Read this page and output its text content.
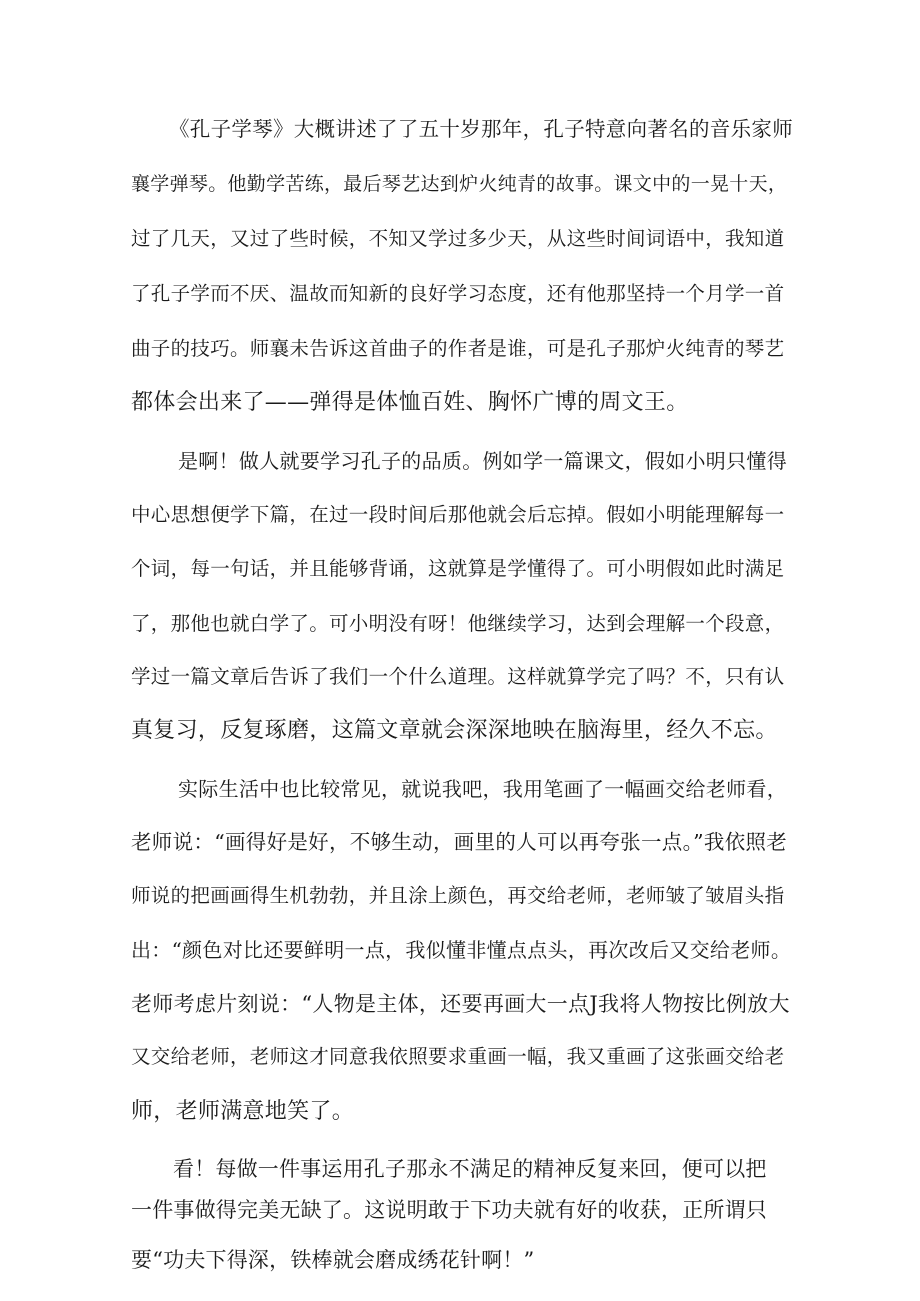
《孔子学琴》大概讲述了了五十岁那年，孔子特意向著名的音乐家师

襄学弹琴。他勤学苦练，最后琴艺达到炉火纯青的故事。课文中的一晃十天，

过了几天，又过了些时候，不知又学过多少天，从这些时间词语中，我知道

了孔子学而不厌、温故而知新的良好学习态度，还有他那坚持一个月学一首

曲子的技巧。师襄未告诉这首曲子的作者是谁，可是孔子那炉火纯青的琴艺

都体会出来了——弹得是体恤百姓、胸怀广博的周文王。

是啊！做人就要学习孔子的品质。例如学一篇课文，假如小明只懂得

中心思想便学下篇，在过一段时间后那他就会后忘掉。假如小明能理解每一

个词，每一句话，并且能够背诵，这就算是学懂得了。可小明假如此时满足

了，那他也就白学了。可小明没有呀！他继续学习，达到会理解一个段意，

学过一篇文章后告诉了我们一个什么道理。这样就算学完了吗？不，只有认

真复习，反复琢磨，这篇文章就会深深地映在脑海里，经久不忘。

实际生活中也比较常见，就说我吧，我用笔画了一幅画交给老师看，

老师说：“画得好是好，不够生动，画里的人可以再夸张一点。”我依照老

师说的把画画得生机勃勃，并且涂上颜色，再交给老师，老师皱了皱眉头指

出：“颜色对比还要鲜明一点，我似懂非懂点点头，再次改后又交给老师。

老师考虑片刻说：“人物是主体，还要再画大一点J我将人物按比例放大

又交给老师，老师这才同意我依照要求重画一幅，我又重画了这张画交给老

师，老师满意地笑了。

看！每做一件事运用孔子那永不满足的精神反复来回，便可以把

一件事做得完美无缺了。这说明敢于下功夫就有好的收获，正所谓只

要“功夫下得深，铁棒就会磨成绣花针啊！”
